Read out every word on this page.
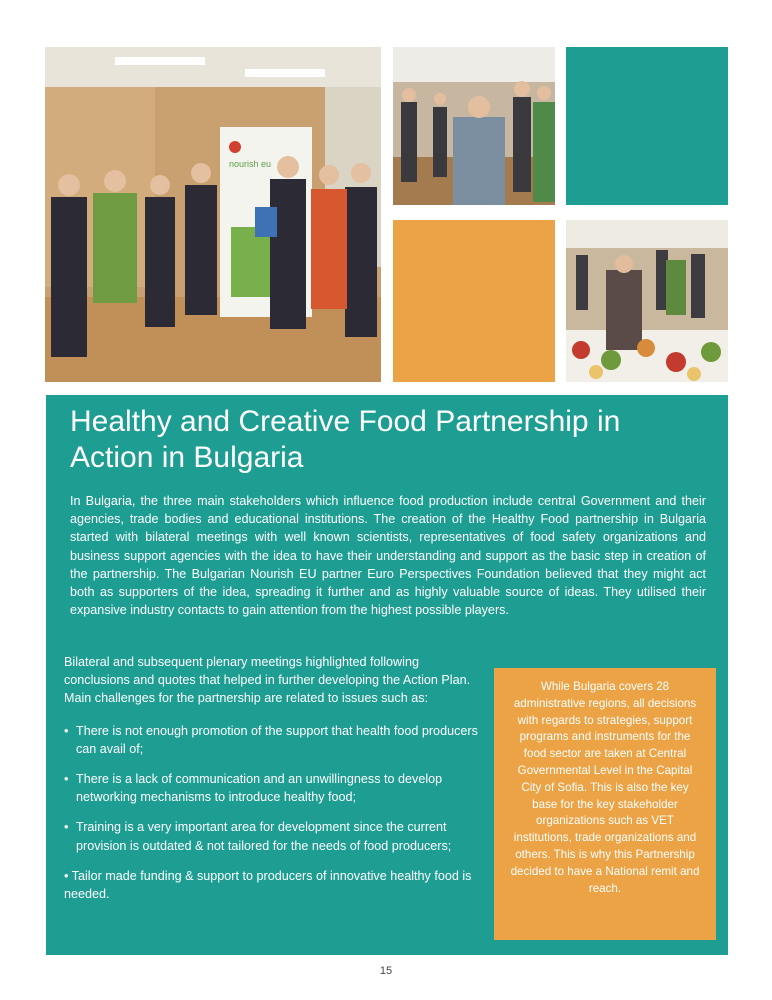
nourish eu
Healthy and Creative Food Partnership in Action in Bulgaria

In Bulgaria, the three main stakeholders which influence food production include central Government and their agencies, trade bodies and educational institutions. The creation of the Healthy Food partnership in Bulgaria started with bilateral meetings with well known scientists, representatives of food safety organizations and business support agencies with the idea to have their understanding and support as the basic step in creation of the partnership. The Bulgarian Nourish EU partner Euro Perspectives Foundation believed that they might act both as supporters of the idea, spreading it further and as highly valuable source of ideas. They utilised their expansive industry contacts to gain attention from the highest possible players.

Bilateral and subsequent plenary meetings highlighted following conclusions and quotes that helped in further developing the Action Plan. Main challenges for the partnership are related to issues such as:

• There is not enough promotion of the support that health food producers can avail of;
• There is a lack of communication and an unwillingness to develop networking mechanisms to introduce healthy food;
• Training is a very important area for development since the current provision is outdated & not tailored for the needs of food producers;

• Tailor made funding & support to producers of innovative healthy food is needed.

While Bulgaria covers 28 administrative regions, all decisions with regards to strategies, support programs and instruments for the food sector are taken at Central Governmental Level in the Capital City of Sofia. This is also the key base for the key stakeholder organizations such as VET institutions, trade organizations and others. This is why this Partnership decided to have a National remit and reach.

15
